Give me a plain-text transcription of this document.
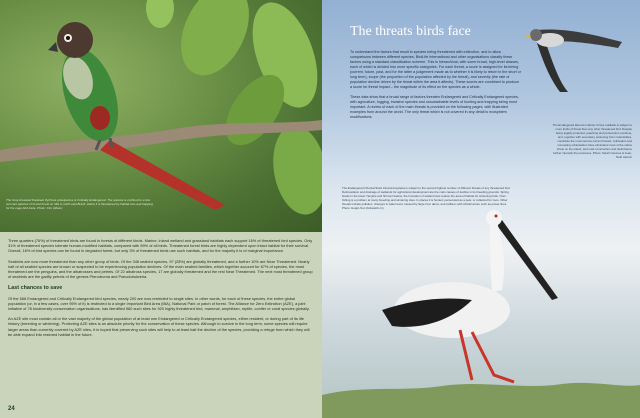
The Grey-breasted Parakeet Pyrrhura griseipectus is Critically Endangered. The species is confined to a few remnant patches of humid forest on hills in north-east Brazil, where it is threatened by habitat loss and trapping for the cage-bird trade. Photo: Ciro Albano

Three quarters (76%) of threatened birds are found in forests of different kinds. Marine, inland wetland and grassland habitats each support 16% of threatened bird species. Only 31% of threatened species tolerate human-modified habitats, compared with 59% of all birds. Threatened forest birds are highly dependent upon intact habitat for their survival. Overall, 18% of bird species can be found in degraded forest, but only 3% of threatened birds use such habitats, and for the majority it is of marginal importance.

Seabirds are now more threatened than any other group of birds. Of the 346 seabird species, 97 (28%) are globally threatened, and a further 10% are Near Threatened. Nearly half of all seabird species are known or suspected to be experiencing population declines. Of the main seabird families, which together account for 67% of species, the most threatened are the penguins, and the albatrosses and petrels. Of 22 albatross species, 17 are globally threatened and the rest Near Threatened. The next most threatened group of seabirds are the gadfly petrels of the genera Pterodroma and Pseudobulweria.

Last chances to save

Of the 566 Endangered and Critically Endangered bird species, nearly 200 are now restricted to single sites. In other words, for each of these species, the entire global population (or, in a few cases, over 95% of it) is restricted to a single Important Bird Area (IBA), National Park or patch of forest. The Alliance for Zero Extinction (AZE), a joint initiative of 78 biodiversity conservation organisations, has identified 580 such sites for 920 highly threatened bird, mammal, amphibian, reptile, conifer or coral species globally.

An AZE site must contain all or the vast majority of the global population of at least one Endangered or Critically Endangered species, either resident, or during part of its life history (breeding or wintering). Protecting AZE sites is an absolute priority for the conservation of these species. Although to survive in the long term, some species will require larger areas than currently covered by AZE sites, it is hoped that preserving such sites will help to at least halt the decline of the species, providing a refuge from which they will be able expand into restored habitat in the future.

24
The threats birds face

To understand the factors that result in species being threatened with extinction, and to allow comparisons between different species, BirdLife International and other organisations classify these factors using a standard classification scheme. This is hierarchical, with some broad, high-level classes, each of which is divided into more specific categories. For each threat, a score is assigned for its timing (current, future, past, and for the latter a judgement made as to whether it is likely to return in the short or long term), scope (the proportion of the population affected by the threat), and severity (the rate of population decline driven by the threat within the area it affects). These scores are combined to produce a score for threat impact – the magnitude of its effect on the species as a whole.

These data show that a broad range of factors threaten Endangered and Critically Endangered species, with agriculture, logging, invasive species and unsustainable levels of hunting and trapping being most important. A review of each of the main threats is provided on the following pages, with illustrated examples from around the world. The only threat which is not covered in any detail is ecosystem modifications.

The Endangered Réunion Harrier Circus maillardi is subject to more kinds of threat than any other threatened bird. Despite being legally protected, poaching and persecution continue, and, together with secondary poisoning from rodenticides, constitute the most serious current threats. Cultivation and increasing urbanisation have eliminated most of the native forest on the island, and road construction and disturbance further intensify the pressures. Photo: Sarah Caceres & Jean-Noël Jasmin
The Endangered Oriental Stork Ciconia boyciana is subject to the second highest number of different threats of any threatened bird. Deforestation and drainage of wetlands for agricultural development are the main causes of decline in its breeding grounds. Spring floods in the lower Yangtze and hill river basins, the formation of wetland loss reduce the area of habitat for wintering birds. Over-fishing is a problem at many breeding and wintering sites. In places it is hunted, persecuted as a pest, or collected for zoos. Other threats include pollution, changes in water level, caused by large river dams, and collision with infrastructure such as power lines. Photo: Huajin Sun (brdwatch.cn)
